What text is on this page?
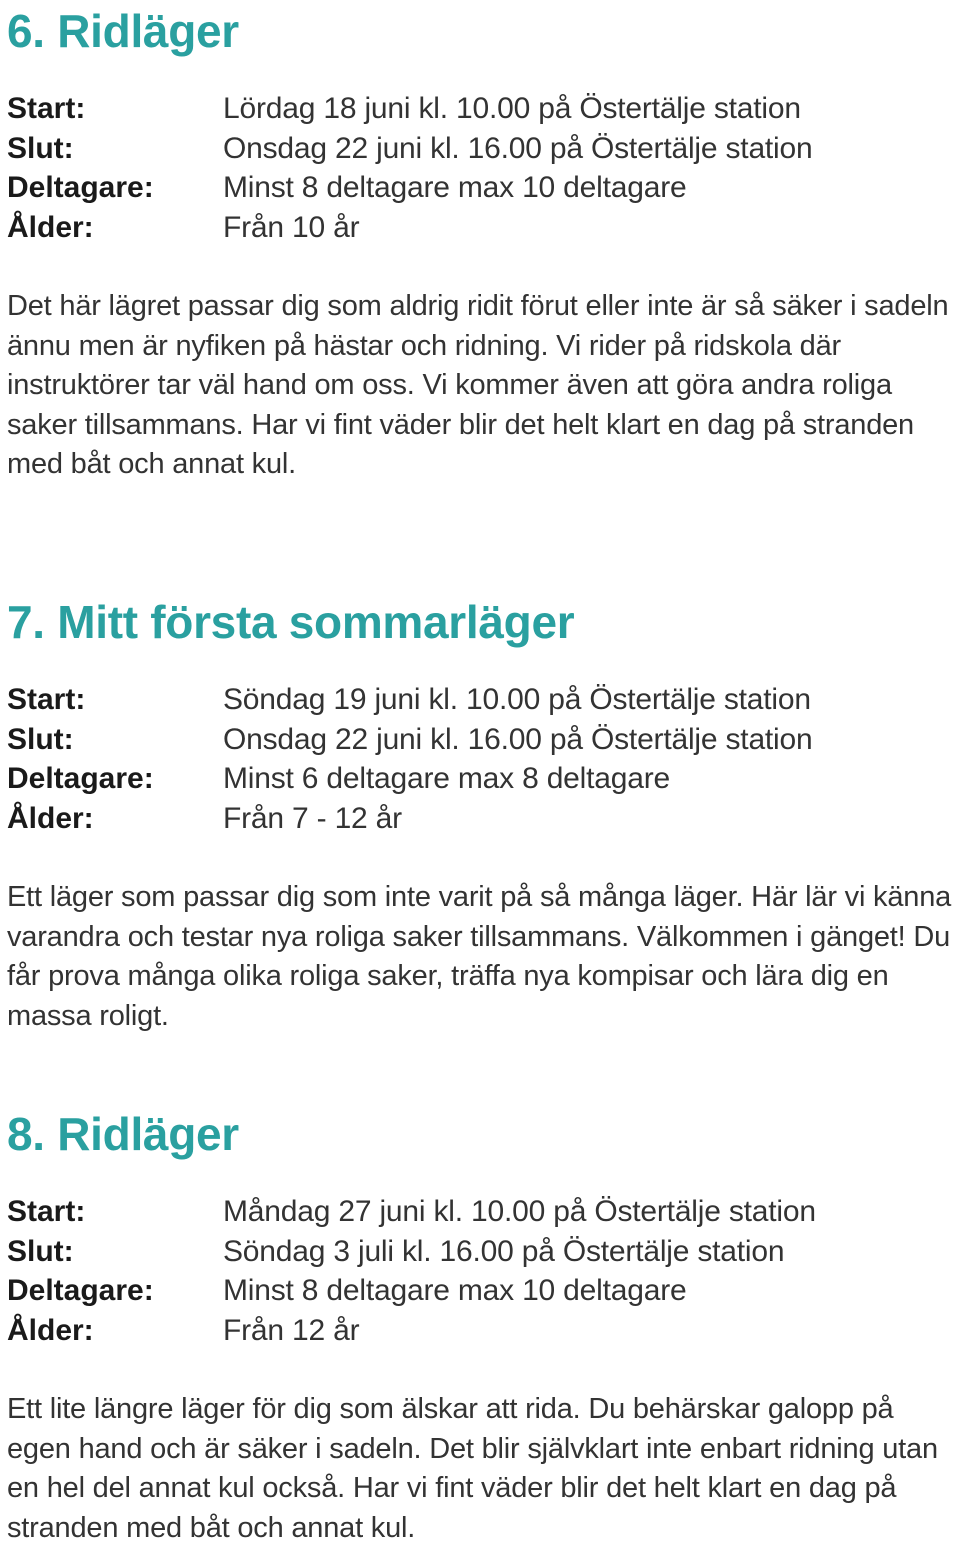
6. Ridläger
Start:	Lördag 18 juni kl. 10.00 på Östertälje station
Slut:	Onsdag 22 juni kl. 16.00 på Östertälje station
Deltagare:	Minst 8 deltagare max 10 deltagare
Ålder:	Från 10 år

Det här lägret passar dig som aldrig ridit förut eller inte är så säker i sadeln ännu men är nyfiken på hästar och ridning. Vi rider på ridskola där instruktörer tar väl hand om oss. Vi kommer även att göra andra roliga saker tillsammans. Har vi fint väder blir det helt klart en dag på stranden med båt och annat kul.

7. Mitt första sommarläger
Start:	Söndag 19 juni kl. 10.00 på Östertälje station
Slut:	Onsdag 22 juni kl. 16.00 på Östertälje station
Deltagare:	Minst 6 deltagare max 8 deltagare
Ålder:	Från 7 - 12 år

Ett läger som passar dig som inte varit på så många läger. Här lär vi känna varandra och testar nya roliga saker tillsammans. Välkommen i gänget! Du får prova många olika roliga saker, träffa nya kompisar och lära dig en massa roligt.

8. Ridläger
Start:	Måndag 27 juni kl. 10.00 på Östertälje station
Slut:	Söndag 3 juli kl. 16.00 på Östertälje station
Deltagare:	Minst 8 deltagare max 10 deltagare
Ålder:	Från 12 år

Ett lite längre läger för dig som älskar att rida. Du behärskar galopp på egen hand och är säker i sadeln. Det blir självklart inte enbart ridning utan en hel del annat kul också. Har vi fint väder blir det helt klart en dag på stranden med båt och annat kul.
